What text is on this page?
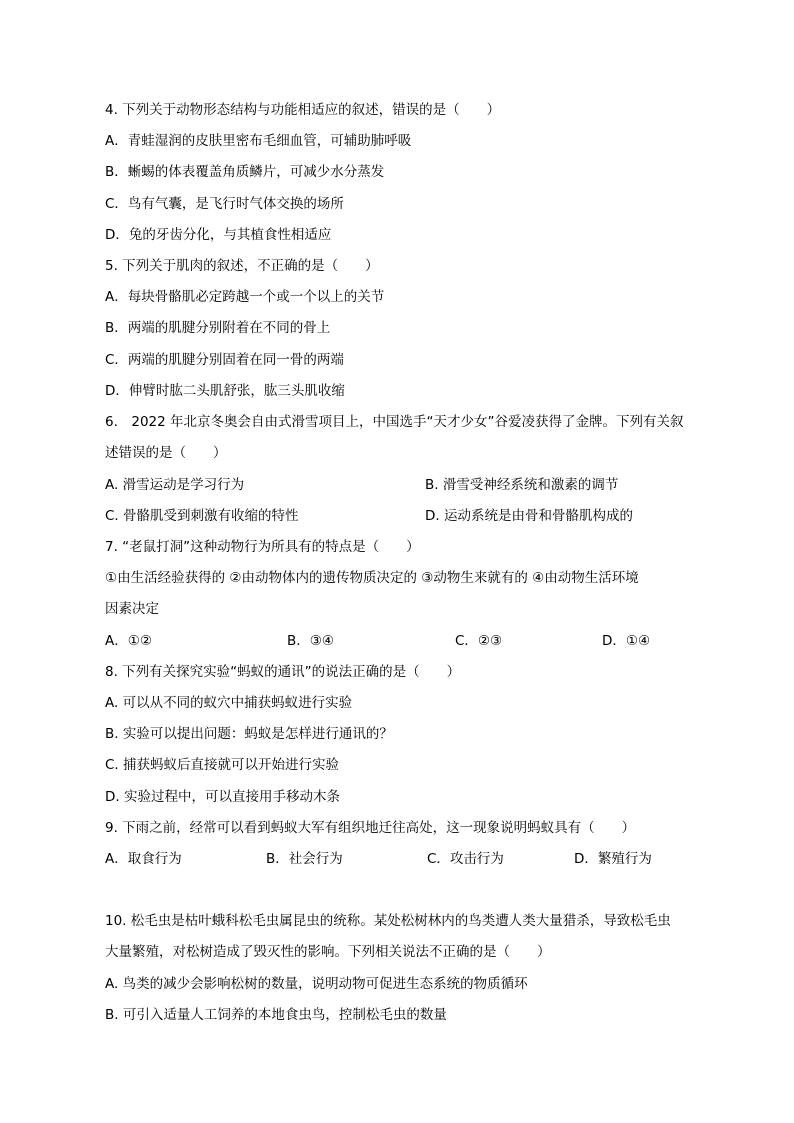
4. 下列关于动物形态结构与功能相适应的叙述，错误的是（　　）
A．青蛙湿润的皮肤里密布毛细血管，可辅助肺呼吸
B．蜥蜴的体表覆盖角质鳞片，可减少水分蒸发
C．鸟有气囊，是飞行时气体交换的场所
D．兔的牙齿分化，与其植食性相适应
5. 下列关于肌肉的叙述，不正确的是（　　）
A．每块骨骼肌必定跨越一个或一个以上的关节
B．两端的肌腱分别附着在不同的骨上
C．两端的肌腱分别固着在同一骨的两端
D．伸臂时肱二头肌舒张，肱三头肌收缩
6.　2022 年北京冬奥会自由式滑雪项目上，中国选手“天才少女”谷爱凌获得了金牌。下列有关叙
述错误的是（　　）
A. 滑雪运动是学习行为	B. 滑雪受神经系统和激素的调节
C. 骨骼肌受到刺激有收缩的特性	D. 运动系统是由骨和骨骼肌构成的
7. “老鼠打洞”这种动物行为所具有的特点是（　　）
①由生活经验获得的 ②由动物体内的遗传物质决定的 ③动物生来就有的 ④由动物生活环境
因素决定
A．①②	B．③④	C．②③	D．①④
8. 下列有关探究实验“蚂蚁的通讯”的说法正确的是（　　）
A. 可以从不同的蚁穴中捕获蚂蚁进行实验
B. 实验可以提出问题：蚂蚁是怎样进行通讯的？
C. 捕获蚂蚁后直接就可以开始进行实验
D. 实验过程中，可以直接用手移动木条
9. 下雨之前，经常可以看到蚂蚁大军有组织地迁往高处，这一现象说明蚂蚁具有（　　）
A．取食行为	B．社会行为	C．攻击行为	D．繁殖行为
10. 松毛虫是枯叶蛾科松毛虫属昆虫的统称。某处松树林内的鸟类遭人类大量猎杀，导致松毛虫
大量繁殖，对松树造成了毁灭性的影响。下列相关说法不正确的是（　　）
A. 鸟类的减少会影响松树的数量，说明动物可促进生态系统的物质循环
B. 可引入适量人工饲养的本地食虫鸟，控制松毛虫的数量
